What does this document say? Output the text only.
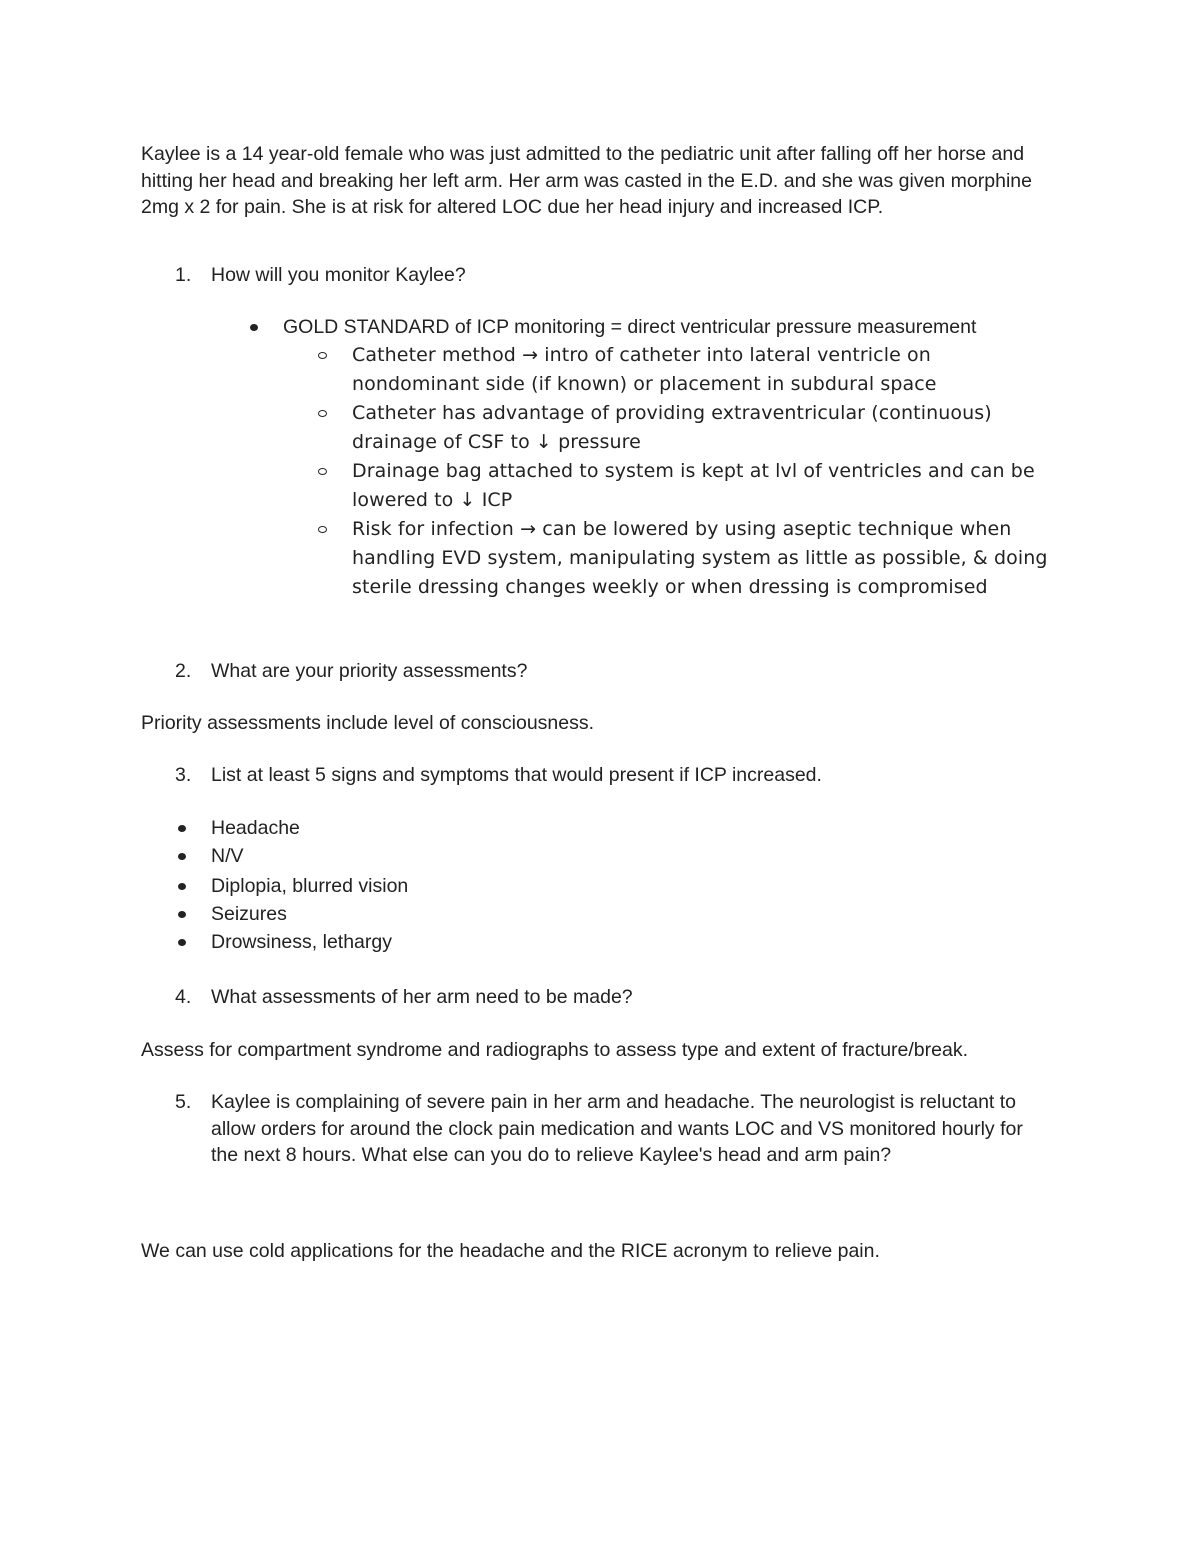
Kaylee is a 14 year-old female who was just admitted to the pediatric unit after falling off her horse and hitting her head and breaking her left arm. Her arm was casted in the E.D. and she was given morphine 2mg x 2 for pain. She is at risk for altered LOC due her head injury and increased ICP.

1.	How will you monitor Kaylee?
GOLD STANDARD of ICP monitoring = direct ventricular pressure measurement
Catheter method → intro of catheter into lateral ventricle on nondominant side (if known) or placement in subdural space
Catheter has advantage of providing extraventricular (continuous) drainage of CSF to ↓ pressure
Drainage bag attached to system is kept at lvl of ventricles and can be lowered to ↓ ICP
Risk for infection → can be lowered by using aseptic technique when handling EVD system, manipulating system as little as possible, & doing sterile dressing changes weekly or when dressing is compromised
2.	What are your priority assessments?

Priority assessments include level of consciousness.

3.	List at least 5 signs and symptoms that would present if ICP increased.
Headache
N/V
Diplopia, blurred vision
Seizures
Drowsiness, lethargy
4.	What assessments of her arm need to be made?

Assess for compartment syndrome and radiographs to assess type and extent of fracture/break.

5.	Kaylee is complaining of severe pain in her arm and headache. The neurologist is reluctant to allow orders for around the clock pain medication and wants LOC and VS monitored hourly for the next 8 hours. What else can you do to relieve Kaylee's head and arm pain?

We can use cold applications for the headache and the RICE acronym to relieve pain.
